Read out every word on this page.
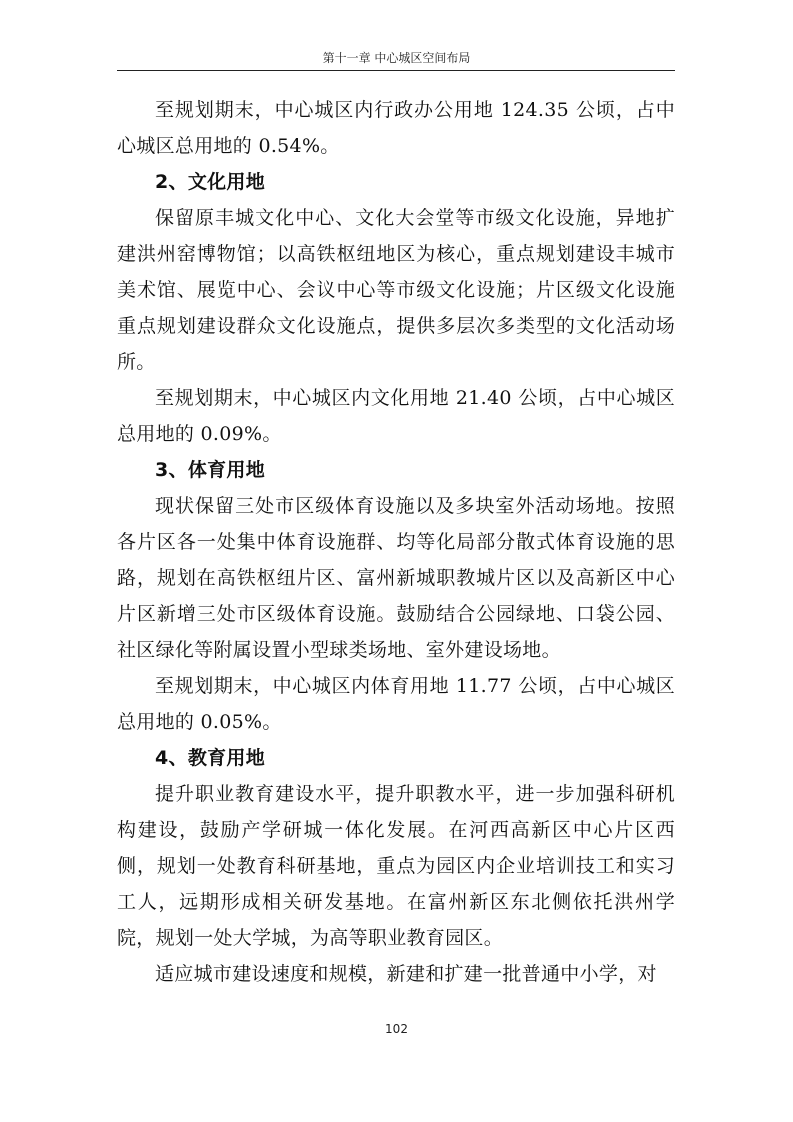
第十一章 中心城区空间布局

至规划期末，中心城区内行政办公用地 124.35 公顷，占中心城区总用地的 0.54%。

2、文化用地

保留原丰城文化中心、文化大会堂等市级文化设施，异地扩建洪州窑博物馆；以高铁枢纽地区为核心，重点规划建设丰城市美术馆、展览中心、会议中心等市级文化设施；片区级文化设施重点规划建设群众文化设施点，提供多层次多类型的文化活动场所。

至规划期末，中心城区内文化用地 21.40 公顷，占中心城区总用地的 0.09%。

3、体育用地

现状保留三处市区级体育设施以及多块室外活动场地。按照各片区各一处集中体育设施群、均等化局部分散式体育设施的思路，规划在高铁枢纽片区、富州新城职教城片区以及高新区中心片区新增三处市区级体育设施。鼓励结合公园绿地、口袋公园、社区绿化等附属设置小型球类场地、室外建设场地。

至规划期末，中心城区内体育用地 11.77 公顷，占中心城区总用地的 0.05%。

4、教育用地

提升职业教育建设水平，提升职教水平，进一步加强科研机构建设，鼓励产学研城一体化发展。在河西高新区中心片区西侧，规划一处教育科研基地，重点为园区内企业培训技工和实习工人，远期形成相关研发基地。在富州新区东北侧依托洪州学院，规划一处大学城，为高等职业教育园区。

适应城市建设速度和规模，新建和扩建一批普通中小学，对

102
